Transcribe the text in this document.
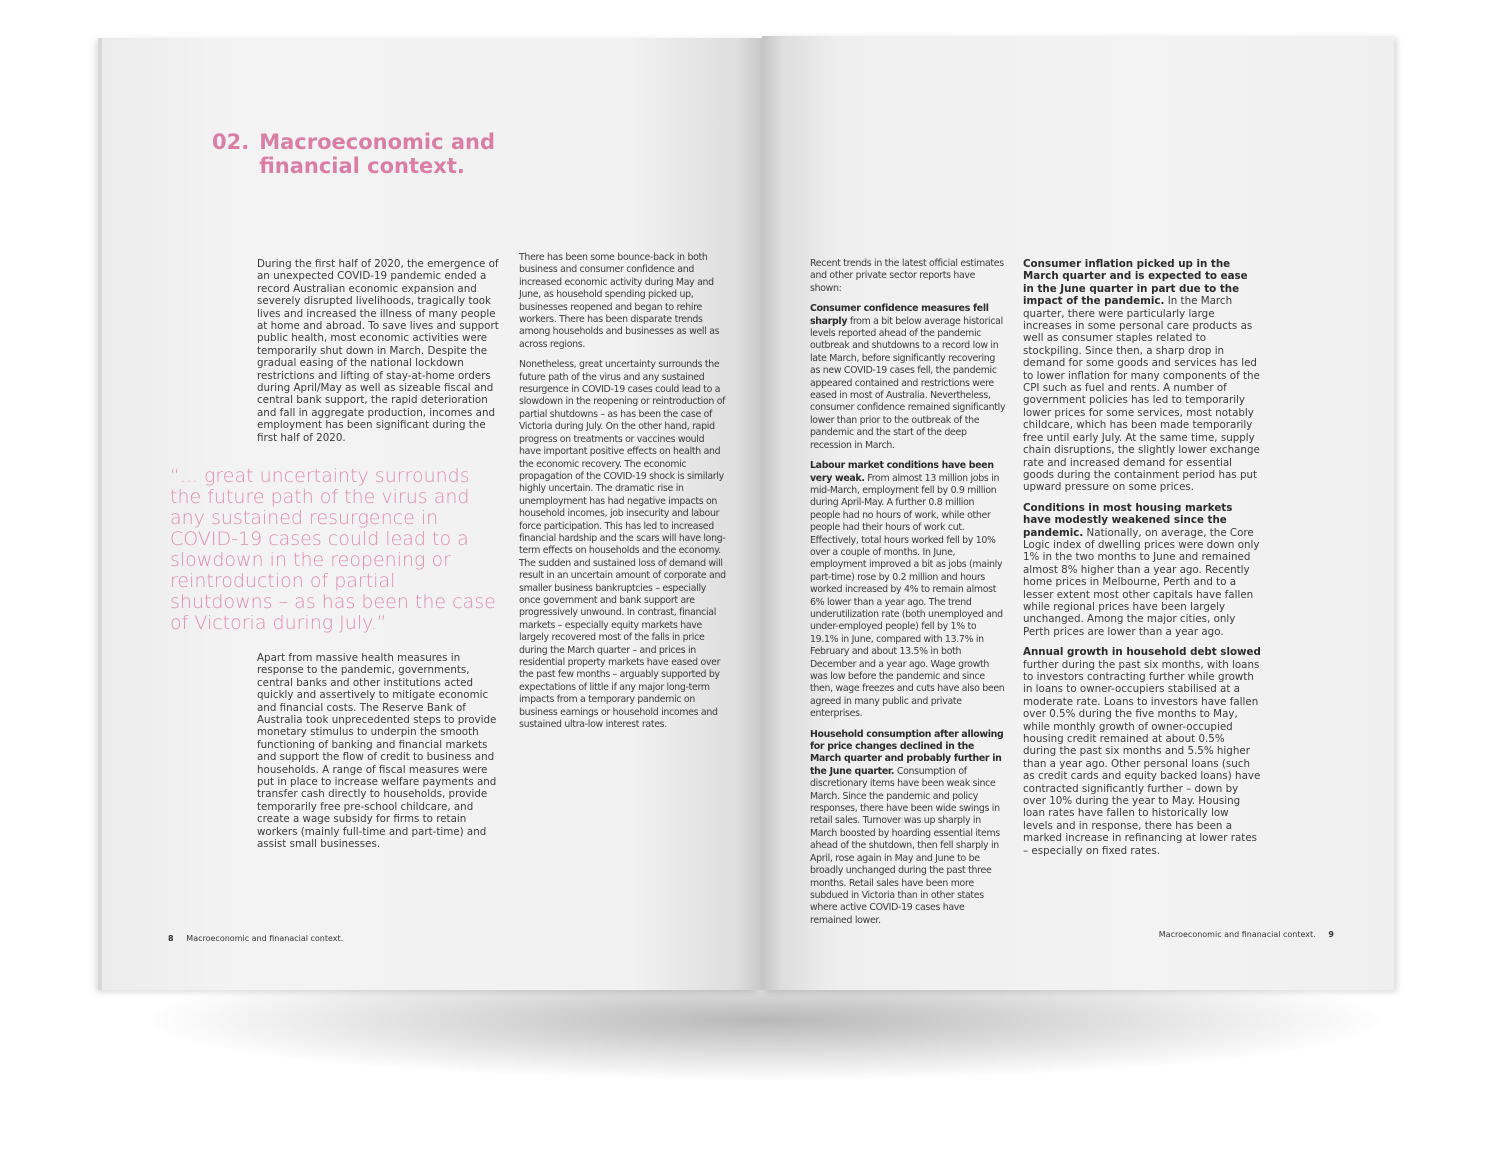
02. Macroeconomic and
financial context.

During the first half of 2020, the emergence of an unexpected COVID-19 pandemic ended a record Australian economic expansion and severely disrupted livelihoods, tragically took lives and increased the illness of many people at home and abroad. To save lives and support public health, most economic activities were temporarily shut down in March. Despite the gradual easing of the national lockdown restrictions and lifting of stay-at-home orders during April/May as well as sizeable fiscal and central bank support, the rapid deterioration and fall in aggregate production, incomes and employment has been significant during the first half of 2020.

“... great uncertainty surrounds the future path of the virus and any sustained resurgence in COVID-19 cases could lead to a slowdown in the reopening or reintroduction of partial shutdowns – as has been the case of Victoria during July.”

Apart from massive health measures in response to the pandemic, governments, central banks and other institutions acted quickly and assertively to mitigate economic and financial costs. The Reserve Bank of Australia took unprecedented steps to provide monetary stimulus to underpin the smooth functioning of banking and financial markets and support the flow of credit to business and households. A range of fiscal measures were put in place to increase welfare payments and transfer cash directly to households, provide temporarily free pre-school childcare, and create a wage subsidy for firms to retain workers (mainly full-time and part-time) and assist small businesses.

There has been some bounce-back in both business and consumer confidence and increased economic activity during May and June, as household spending picked up, businesses reopened and began to rehire workers. There has been disparate trends among households and businesses as well as across regions.

Nonetheless, great uncertainty surrounds the future path of the virus and any sustained resurgence in COVID-19 cases could lead to a slowdown in the reopening or reintroduction of partial shutdowns – as has been the case of Victoria during July. On the other hand, rapid progress on treatments or vaccines would have important positive effects on health and the economic recovery. The economic propagation of the COVID-19 shock is similarly highly uncertain. The dramatic rise in unemployment has had negative impacts on household incomes, job insecurity and labour force participation. This has led to increased financial hardship and the scars will have long-term effects on households and the economy. The sudden and sustained loss of demand will result in an uncertain amount of corporate and smaller business bankruptcies – especially once government and bank support are progressively unwound. In contrast, financial markets – especially equity markets have largely recovered most of the falls in price during the March quarter – and prices in residential property markets have eased over the past few months – arguably supported by expectations of little if any major long-term impacts from a temporary pandemic on business earnings or household incomes and sustained ultra-low interest rates.

8 Macroeconomic and finanacial context.

Recent trends in the latest official estimates and other private sector reports have shown:

Consumer confidence measures fell sharply from a bit below average historical levels reported ahead of the pandemic outbreak and shutdowns to a record low in late March, before significantly recovering as new COVID-19 cases fell, the pandemic appeared contained and restrictions were eased in most of Australia. Nevertheless, consumer confidence remained significantly lower than prior to the outbreak of the pandemic and the start of the deep recession in March.

Labour market conditions have been very weak. From almost 13 million jobs in mid-March, employment fell by 0.9 million during April-May. A further 0.8 million people had no hours of work, while other people had their hours of work cut. Effectively, total hours worked fell by 10% over a couple of months. In June, employment improved a bit as jobs (mainly part-time) rose by 0.2 million and hours worked increased by 4% to remain almost 6% lower than a year ago. The trend underutilization rate (both unemployed and under-employed people) fell by 1% to 19.1% in June, compared with 13.7% in February and about 13.5% in both December and a year ago. Wage growth was low before the pandemic and since then, wage freezes and cuts have also been agreed in many public and private enterprises.

Household consumption after allowing for price changes declined in the March quarter and probably further in the June quarter. Consumption of discretionary items have been weak since March. Since the pandemic and policy responses, there have been wide swings in retail sales. Turnover was up sharply in March boosted by hoarding essential items ahead of the shutdown, then fell sharply in April, rose again in May and June to be broadly unchanged during the past three months. Retail sales have been more subdued in Victoria than in other states where active COVID-19 cases have remained lower.

Consumer inflation picked up in the March quarter and is expected to ease in the June quarter in part due to the impact of the pandemic. In the March quarter, there were particularly large increases in some personal care products as well as consumer staples related to stockpiling. Since then, a sharp drop in demand for some goods and services has led to lower inflation for many components of the CPI such as fuel and rents. A number of government policies has led to temporarily lower prices for some services, most notably childcare, which has been made temporarily free until early July. At the same time, supply chain disruptions, the slightly lower exchange rate and increased demand for essential goods during the containment period has put upward pressure on some prices.

Conditions in most housing markets have modestly weakened since the pandemic. Nationally, on average, the Core Logic index of dwelling prices were down only 1% in the two months to June and remained almost 8% higher than a year ago. Recently home prices in Melbourne, Perth and to a lesser extent most other capitals have fallen while regional prices have been largely unchanged. Among the major cities, only Perth prices are lower than a year ago.

Annual growth in household debt slowed further during the past six months, with loans to investors contracting further while growth in loans to owner-occupiers stabilised at a moderate rate. Loans to investors have fallen over 0.5% during the five months to May, while monthly growth of owner-occupied housing credit remained at about 0.5% during the past six months and 5.5% higher than a year ago. Other personal loans (such as credit cards and equity backed loans) have contracted significantly further – down by over 10% during the year to May. Housing loan rates have fallen to historically low levels and in response, there has been a marked increase in refinancing at lower rates – especially on fixed rates.

Macroeconomic and finanacial context. 9
